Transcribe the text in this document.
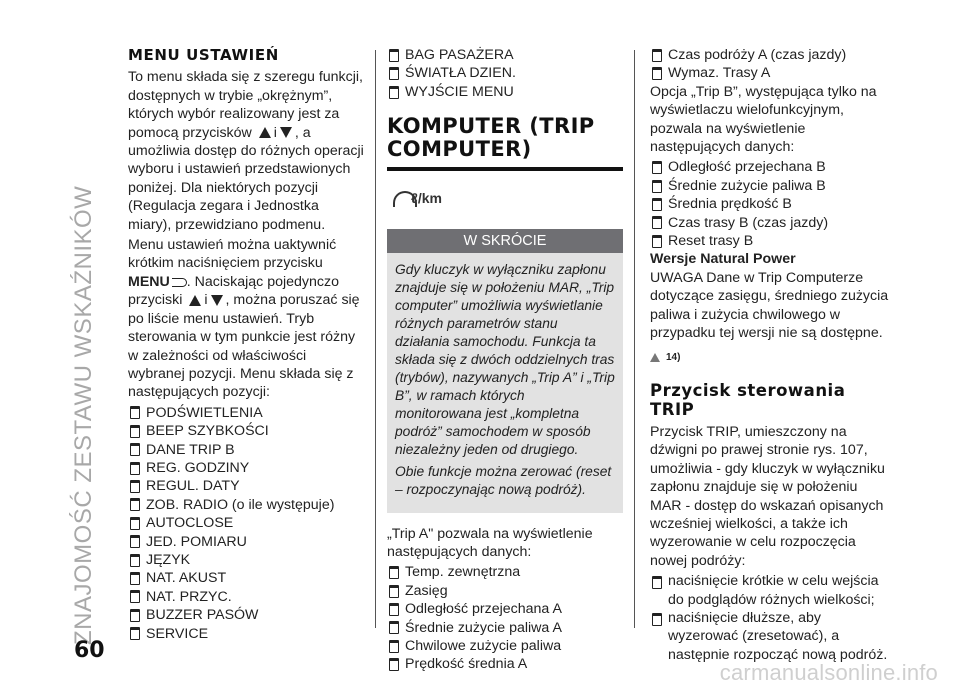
ZNAJOMOŚĆ ZESTAWU WSKAŹNIKÓW
MENU USTAWIEŃ

To menu składa się z szeregu funkcji, dostępnych w trybie „okrężnym”, których wybór realizowany jest za pomocą przycisków i , a umożliwia dostęp do różnych operacji wyboru i ustawień przedstawionych poniżej. Dla niektórych pozycji (Regulacja zegara i Jednostka miary), przewidziano podmenu.

Menu ustawień można uaktywnić krótkim naciśnięciem przycisku MENU . Naciskając pojedynczo przyciski i , można poruszać się po liście menu ustawień. Tryb sterowania w tym punkcie jest różny w zależności od właściwości wybranej pozycji. Menu składa się z następujących pozycji:

PODŚWIETLENIA
BEEP SZYBKOŚCI
DANE TRIP B
REG. GODZINY
REGUL. DATY
ZOB. RADIO (o ile występuje)
AUTOCLOSE
JED. POMIARU
JĘZYK
NAT. AKUST
NAT. PRZYC.
BUZZER PASÓW
SERVICE
BAG PASAŻERA
ŚWIATŁA DZIEN.
WYJŚCIE MENU
KOMPUTER (TRIP COMPUTER)
ℓ/km
W SKRÓCIE

Gdy kluczyk w wyłączniku zapłonu znajduje się w położeniu MAR, „Trip computer” umożliwia wyświetlanie różnych parametrów stanu działania samochodu. Funkcja ta składa się z dwóch oddzielnych tras (trybów), nazywanych „Trip A” i „Trip B”, w ramach których monitorowana jest „kompletna podróż” samochodem w sposób niezależny jeden od drugiego.

Obie funkcje można zerować (reset – rozpoczynając nową podróż).

„Trip A" pozwala na wyświetlenie następujących danych:

Temp. zewnętrzna
Zasięg
Odległość przejechana A
Średnie zużycie paliwa A
Chwilowe zużycie paliwa
Prędkość średnia A
Czas podróży A (czas jazdy)
Wymaz. Trasy A

Opcja „Trip B”, występująca tylko na wyświetlaczu wielofunkcyjnym, pozwala na wyświetlenie następujących danych:

Odległość przejechana B
Średnie zużycie paliwa B
Średnia prędkość B
Czas trasy B (czas jazdy)
Reset trasy B
Wersje Natural Power

UWAGA Dane w Trip Computerze dotyczące zasięgu, średniego zużycia paliwa i zużycia chwilowego w przypadku tej wersji nie są dostępne.

14)
Przycisk sterowania TRIP

Przycisk TRIP, umieszczony na dźwigni po prawej stronie rys. 107, umożliwia - gdy kluczyk w wyłączniku zapłonu znajduje się w położeniu MAR - dostęp do wskazań opisanych wcześniej wielkości, a także ich wyzerowanie w celu rozpoczęcia nowej podróży:

naciśnięcie krótkie w celu wejścia do podglądów różnych wielkości;
naciśnięcie dłuższe, aby wyzerować (zresetować), a następnie rozpocząć nową podróż.
60
carmanualsonline.info
